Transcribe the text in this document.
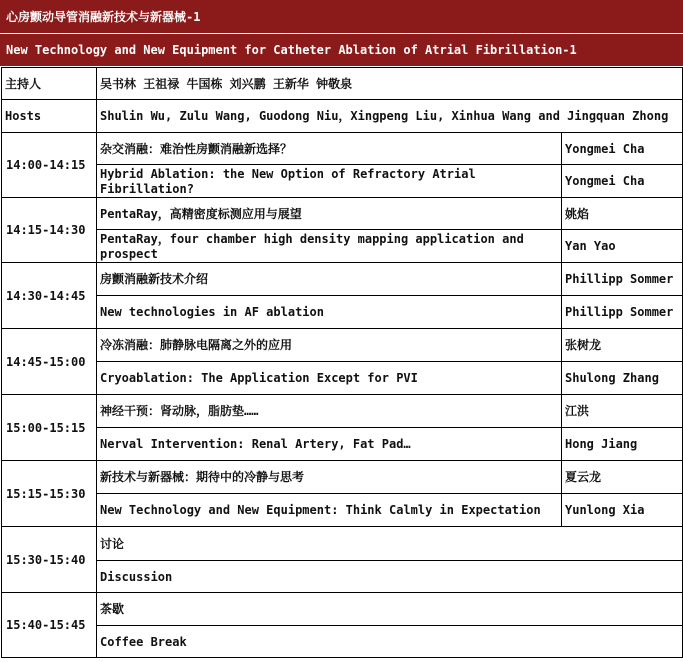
心房颤动导管消融新技术与新器械-1
New Technology and New Equipment for Catheter Ablation of Atrial Fibrillation-1
主持人	吴书林 王祖禄 牛国栋 刘兴鹏 王新华 钟敬泉	
Hosts	Shulin Wu, Zulu Wang, Guodong Niu，Xingpeng Liu, Xinhua Wang and Jingquan Zhong	
14:00-14:15	杂交消融：难治性房颤消融新选择？	Yongmei Cha
	Hybrid Ablation: the New Option of Refractory Atrial Fibrillation?	Yongmei Cha
14:15-14:30	PentaRay，高精密度标测应用与展望	姚焰
	PentaRay，four chamber high density mapping application and prospect	Yan Yao
14:30-14:45	房颤消融新技术介绍	Phillipp Sommer
	New technologies in AF ablation	Phillipp Sommer
14:45-15:00	冷冻消融：肺静脉电隔离之外的应用	张树龙
	Cryoablation: The Application Except for PVI	Shulong Zhang
15:00-15:15	神经干预：肾动脉，脂肪垫……	江洪
	Nerval Intervention: Renal Artery, Fat Pad…	Hong Jiang
15:15-15:30	新技术与新器械：期待中的冷静与思考	夏云龙
	New Technology and New Equipment: Think Calmly in Expectation	Yunlong Xia
15:30-15:40	讨论	
	Discussion	
15:40-15:45	茶歇	
	Coffee Break	
